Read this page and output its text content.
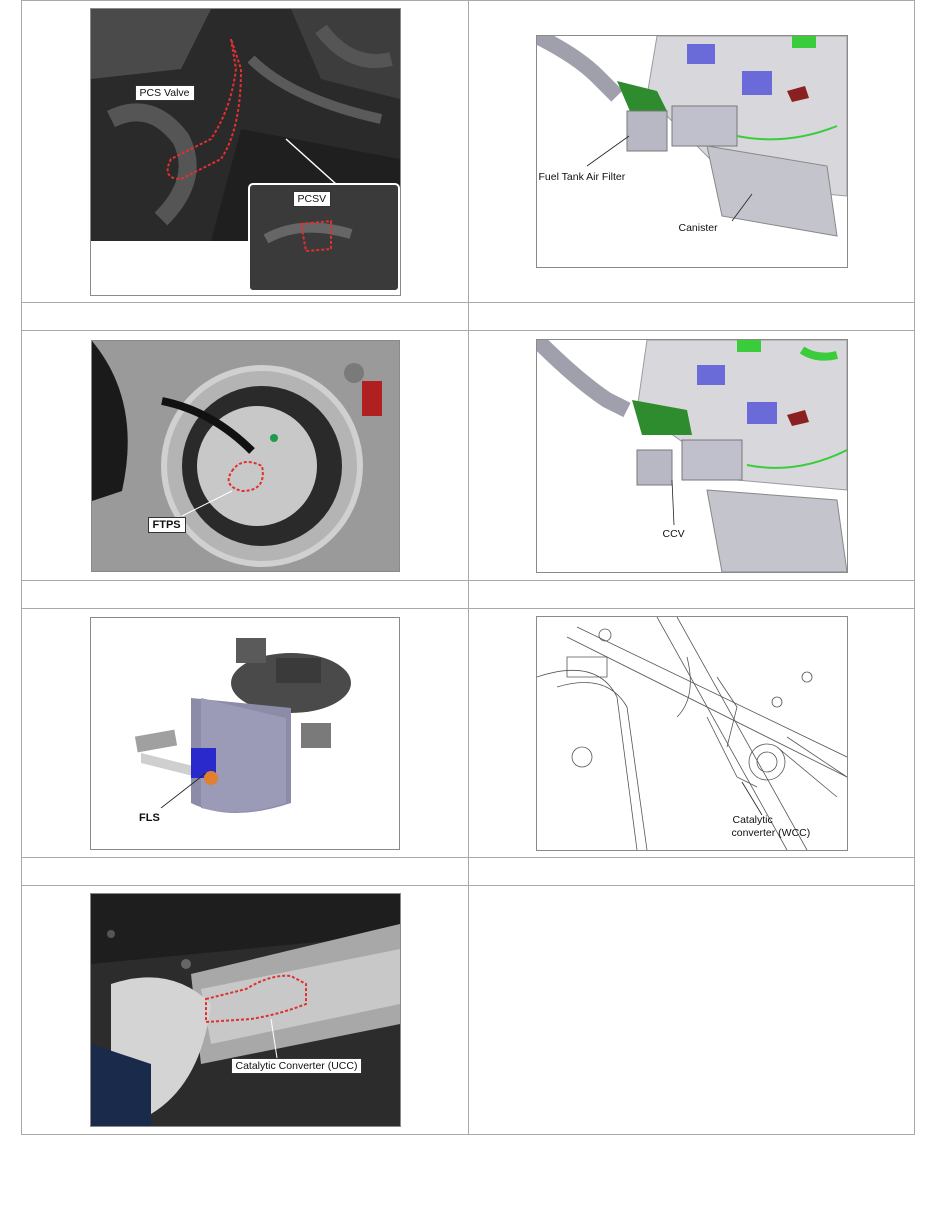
PCS Valve
PCSV	Fuel Tank Air Filter
Canister

FTPS	CCV

FLS	Catalytic
converter (WCC)

Catalytic Converter (UCC)	
